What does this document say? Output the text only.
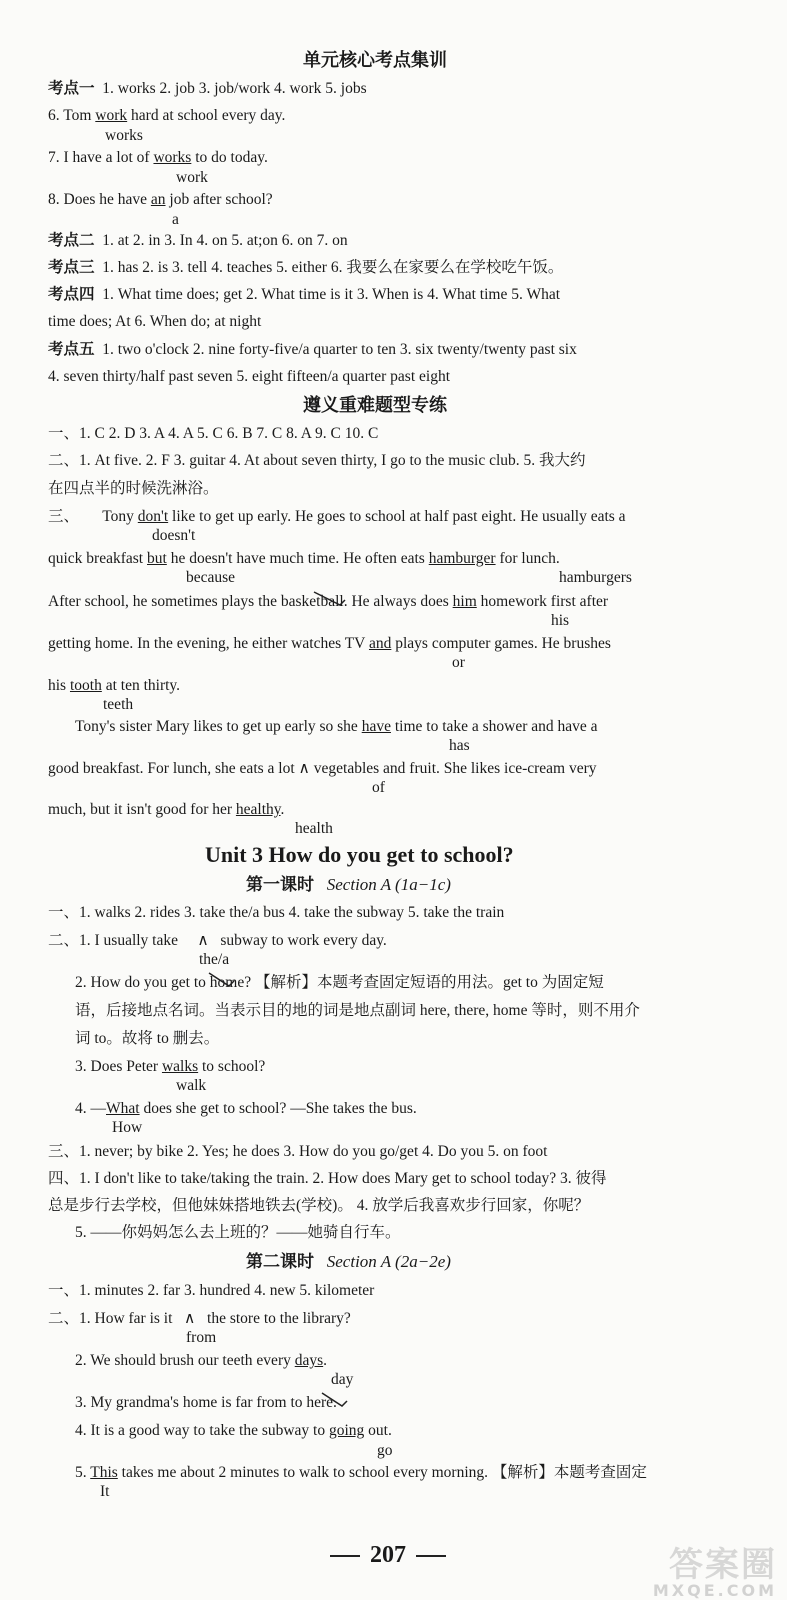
单元核心考点集训
考点一 1. works 2. job 3. job/work 4. work 5. jobs
6. Tom work hard at school every day.
works
7. I have a lot of works to do today.
work
8. Does he have an job after school?
a
考点二 1. at 2. in 3. In 4. on 5. at;on 6. on 7. on
考点三 1. has 2. is 3. tell 4. teaches 5. either 6. 我要么在家要么在学校吃午饭。
考点四 1. What time does; get 2. What time is it 3. When is 4. What time 5. What
time does; At 6. When do; at night
考点五 1. two o'clock 2. nine forty-five/a quarter to ten 3. six twenty/twenty past six
4. seven thirty/half past seven 5. eight fifteen/a quarter past eight
遵义重难题型专练
一、1. C 2. D 3. A 4. A 5. C 6. B 7. C 8. A 9. C 10. C
二、1. At five. 2. F 3. guitar 4. At about seven thirty, I go to the music club. 5. 我大约
在四点半的时候洗淋浴。
三、 Tony don't like to get up early. He goes to school at half past eight. He usually eats a
doesn't
quick breakfast but he doesn't have much time. He often eats hamburger for lunch.
because	hamburgers
After school, he sometimes plays the basketball. He always does him homework first after
his
getting home. In the evening, he either watches TV and plays computer games. He brushes
or
his tooth at ten thirty.
teeth
Tony's sister Mary likes to get up early so she have time to take a shower and have a
has
good breakfast. For lunch, she eats a lot ∧ vegetables and fruit. She likes ice-cream very
of
much, but it isn't good for her healthy.
health
Unit 3 How do you get to school?
第一课时 Section A (1a−1c)
一、1. walks 2. rides 3. take the/a bus 4. take the subway 5. take the train
二、1. I usually take     ∧   subway to work every day.
the/a
2. How do you get to home? 【解析】本题考查固定短语的用法。get to 为固定短
语，后接地点名词。当表示目的地的词是地点副词 here, there, home 等时，则不用介
词 to。故将 to 删去。
3. Does Peter walks to school?
walk
4. —What does she get to school? —She takes the bus.
How
三、1. never; by bike 2. Yes; he does 3. How do you go/get 4. Do you 5. on foot
四、1. I don't like to take/taking the train. 2. How does Mary get to school today? 3. 彼得
总是步行去学校，但他妹妹搭地铁去(学校)。 4. 放学后我喜欢步行回家，你呢？
5. ——你妈妈怎么去上班的？——她骑自行车。
第二课时 Section A (2a−2e)
一、1. minutes 2. far 3. hundred 4. new 5. kilometer
二、1. How far is it   ∧   the store to the library?
from
2. We should brush our teeth every days.
day
3. My grandma's home is far from to here.
4. It is a good way to take the subway to going out.
go
5. This takes me about 2 minutes to walk to school every morning. 【解析】本题考查固定
It
207	答案圈
MXQE.COM
